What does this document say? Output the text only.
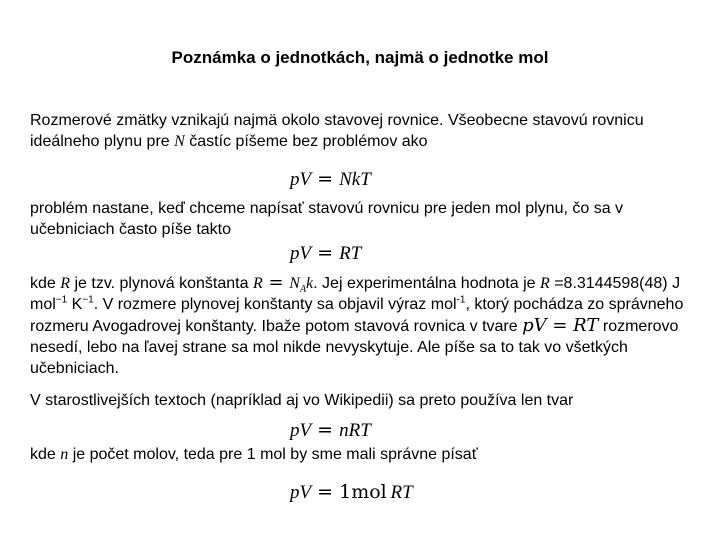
Poznámka o jednotkách, najmä o jednotke mol
Rozmerové zmätky vznikajú najmä okolo stavovej rovnice. Všeobecne stavovú rovnicu ideálneho plynu pre N častíc píšeme bez problémov ako
pV = NkT
problém nastane, keď chceme napísať stavovú rovnicu pre jeden mol plynu, čo sa v učebniciach často píše takto
pV = RT
kde R je tzv. plynová konštanta $R = N_Ak$. Jej experimentálna hodnota je R =8.3144598(48) J mol$^{-1}$ $K^{-1}$. V rozmere plynovej konštanty sa objavil výraz mol$^{-1}$, ktorý pochádza zo správneho rozmeru Avogadrovej konštanty. Ibaže potom stavová rovnica v tvare pV = RT rozmerovo nesedí, lebo na ľavej strane sa mol nikde nevyskytuje. Ale píše sa to tak vo všetkých učebniciach.
V starostlivejších textoch (napríklad aj vo Wikipedii) sa preto používa len tvar
pV = nRT
kde n je počet molov, teda pre 1 mol by sme mali správne písať
pV = 1mol  RT
